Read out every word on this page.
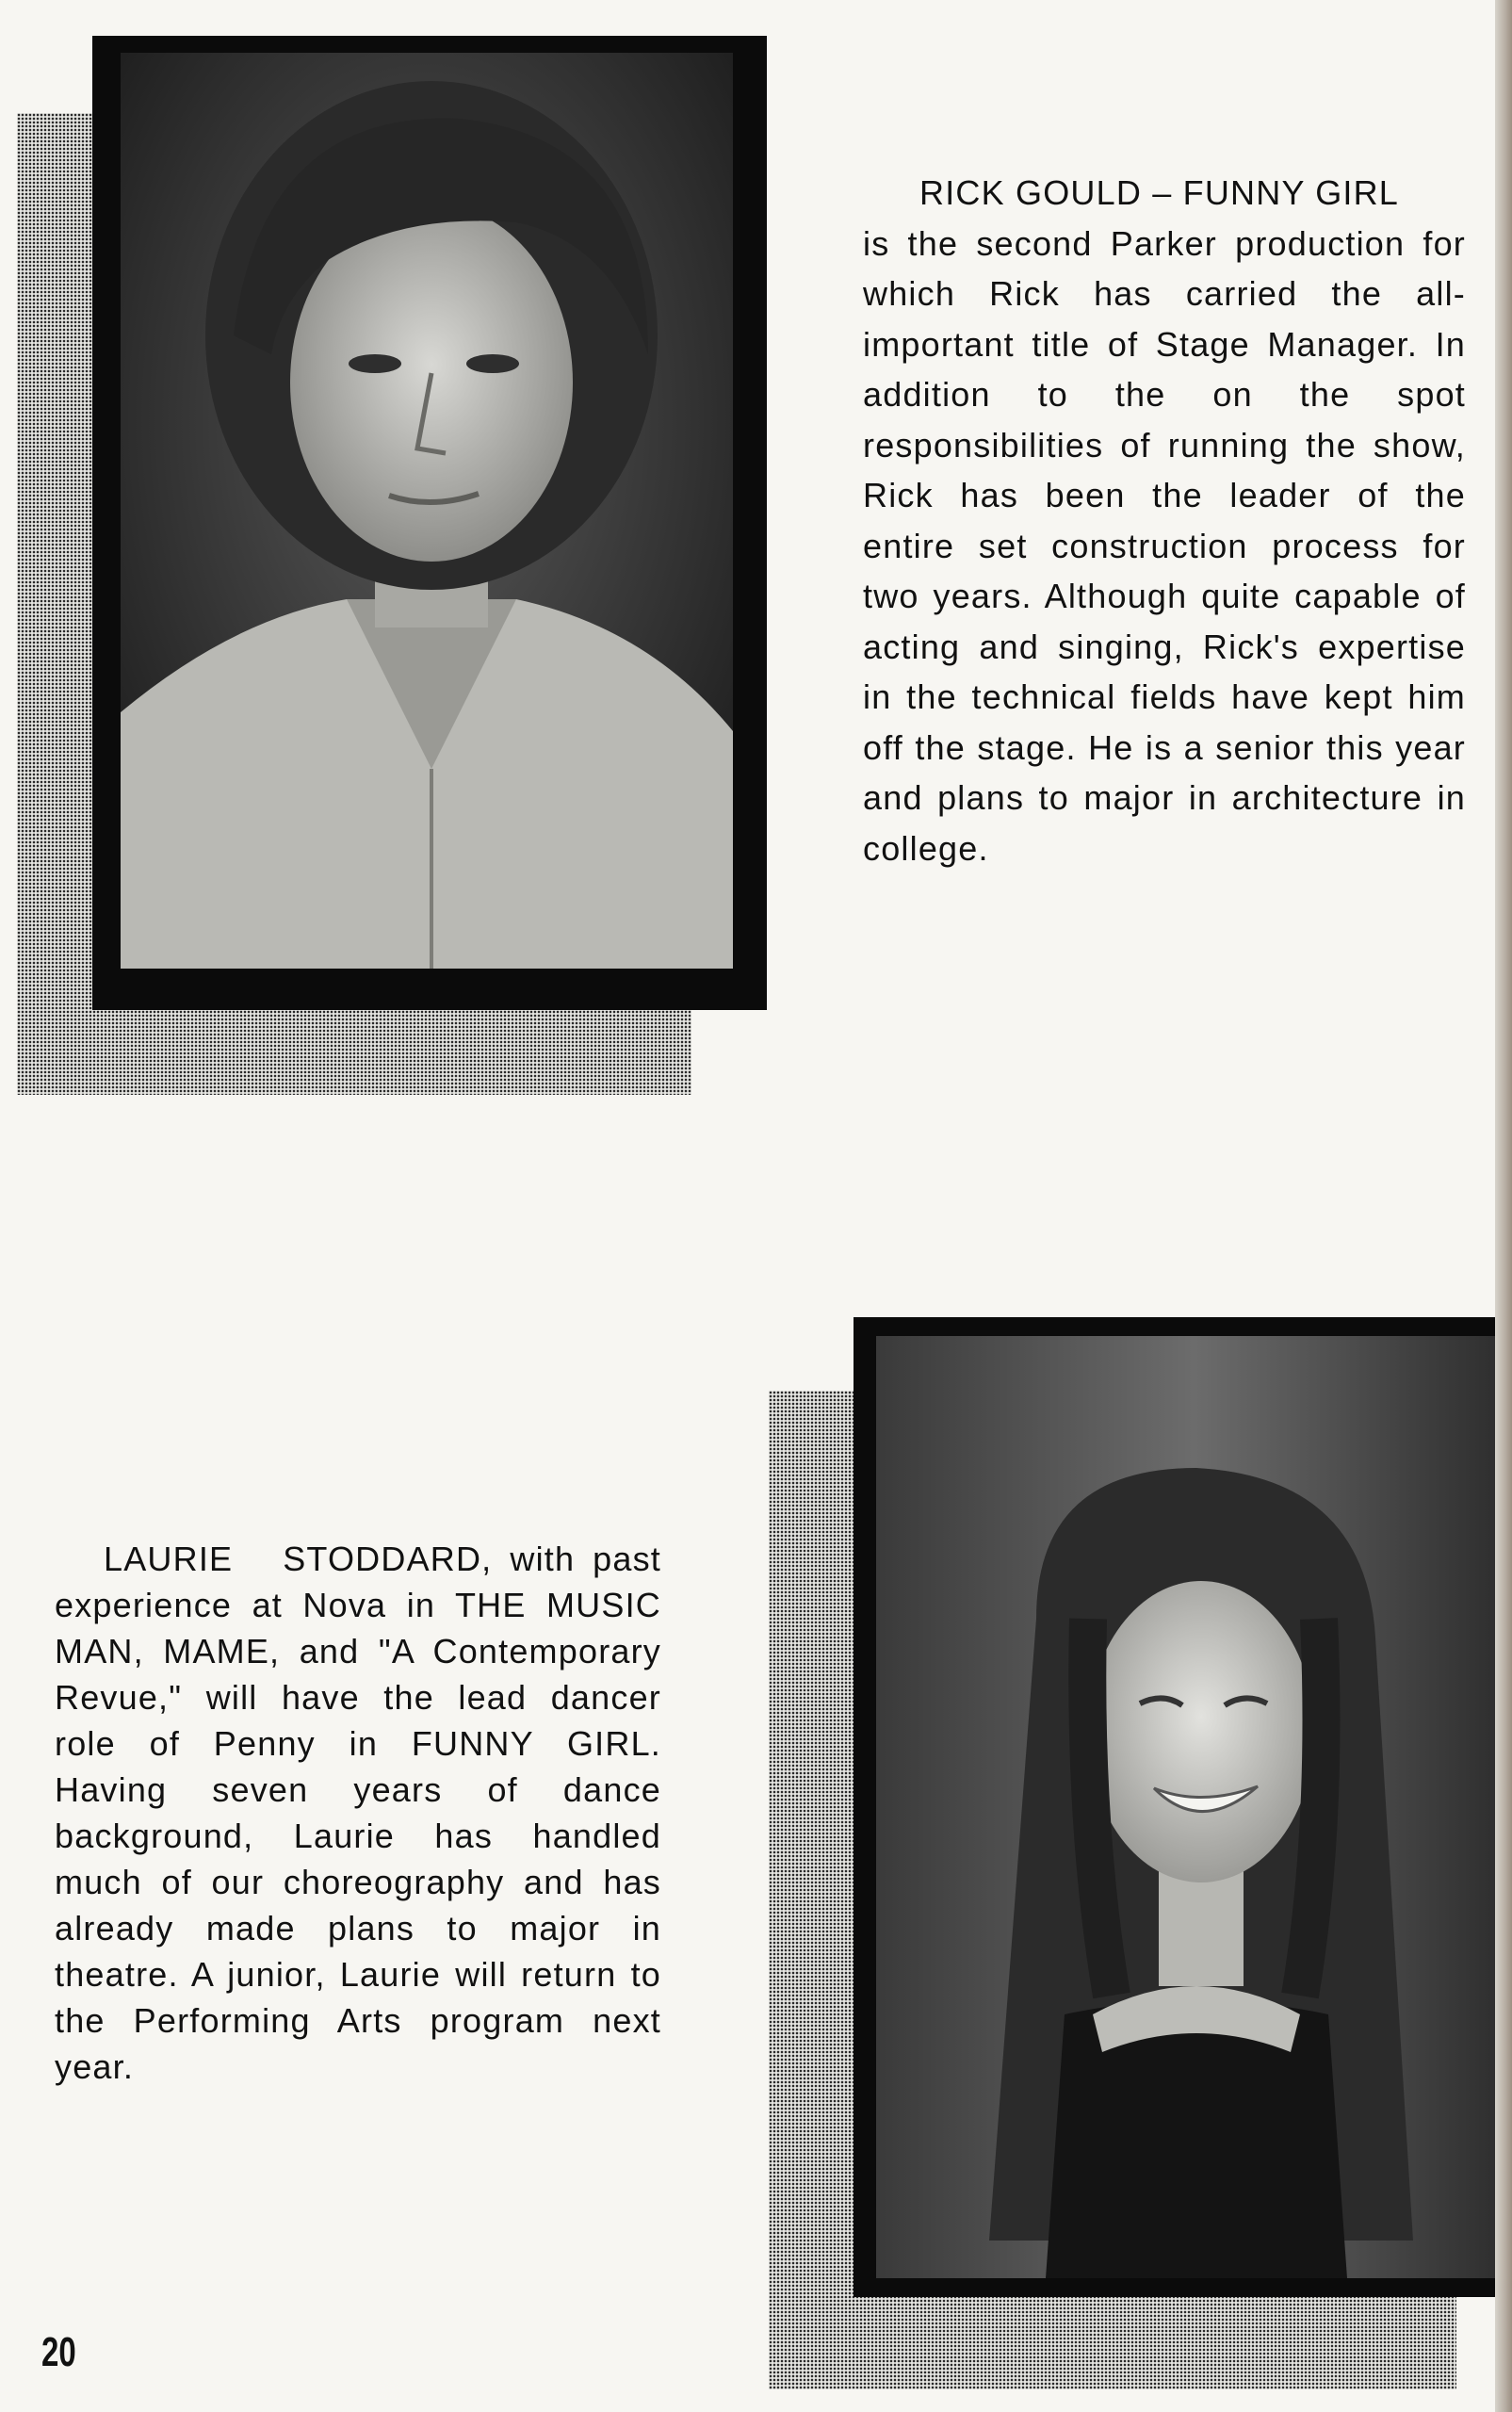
RICK GOULD – FUNNY GIRL
is the second Parker production for which Rick has carried the all-important title of Stage Manager. In addition to the on the spot responsibilities of running the show, Rick has been the leader of the entire set construction process for two years. Although quite capable of acting and singing, Rick's expertise in the technical fields have kept him off the stage. He is a senior this year and plans to major in architecture in college.

LAURIE STODDARD, with past experience at Nova in THE MUSIC MAN, MAME, and "A Contemporary Revue," will have the lead dancer role of Penny in FUNNY GIRL. Having seven years of dance background, Laurie has handled much of our choreography and has already made plans to major in theatre. A junior, Laurie will return to the Performing Arts program next year.

20
